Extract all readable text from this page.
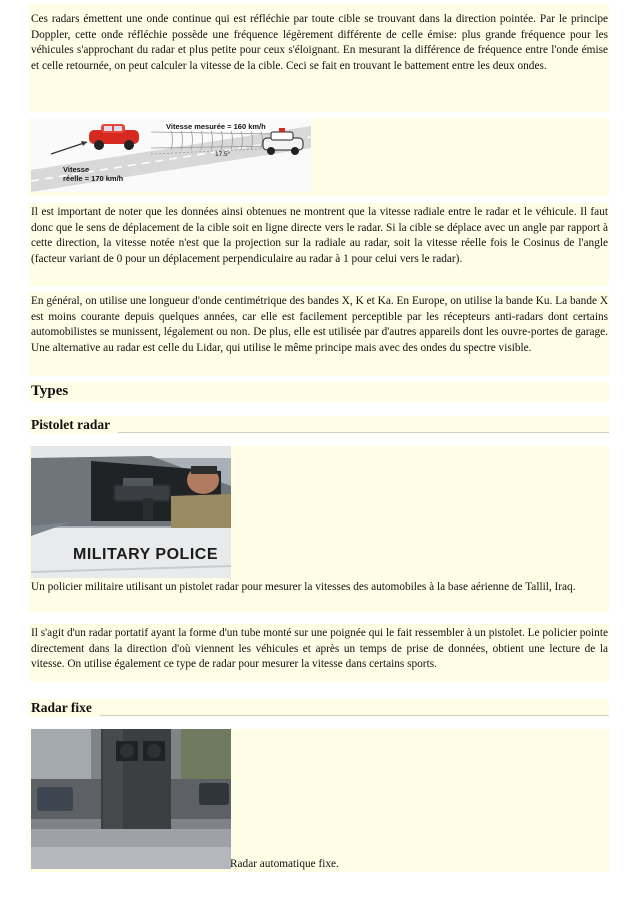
Ces radars émettent une onde continue qui est réfléchie par toute cible se trouvant dans la direction pointée. Par le principe Doppler, cette onde réfléchie possède une fréquence légèrement différente de celle émise: plus grande fréquence pour les véhicules s'approchant du radar et plus petite pour ceux s'éloignant. En mesurant la différence de fréquence entre l'onde émise et celle retournée, on peut calculer la vitesse de la cible. Ceci se fait en trouvant le battement entre les deux ondes.

Vitesse mesurée = 160 km/h
Vitesse
réelle = 170 km/h
17.5°

Il est important de noter que les données ainsi obtenues ne montrent que la vitesse radiale entre le radar et le véhicule. Il faut donc que le sens de déplacement de la cible soit en ligne directe vers le radar. Si la cible se déplace avec un angle par rapport à cette direction, la vitesse notée n'est que la projection sur la radiale au radar, soit la vitesse réelle fois le Cosinus de l'angle (facteur variant de 0 pour un déplacement perpendiculaire au radar à 1 pour celui vers le radar).

En général, on utilise une longueur d'onde centimétrique des bandes X, K et Ka. En Europe, on utilise la bande Ku. La bande X est moins courante depuis quelques années, car elle est facilement perceptible par les récepteurs anti-radars dont certains automobilistes se munissent, légalement ou non. De plus, elle est utilisée par d'autres appareils dont les ouvre-portes de garage. Une alternative au radar est celle du Lidar, qui utilise le même principe mais avec des ondes du spectre visible.

Types
Pistolet radar
MILITARY POLICE

Un policier militaire utilisant un pistolet radar pour mesurer la vitesses des automobiles à la base aérienne de Tallil, Iraq.

Il s'agit d'un radar portatif ayant la forme d'un tube monté sur une poignée qui le fait ressembler à un pistolet. Le policier pointe directement dans la direction d'où viennent les véhicules et après un temps de prise de données, obtient une lecture de la vitesse. On utilise également ce type de radar pour mesurer la vitesse dans certains sports.

Radar fixe
Radar automatique fixe.
